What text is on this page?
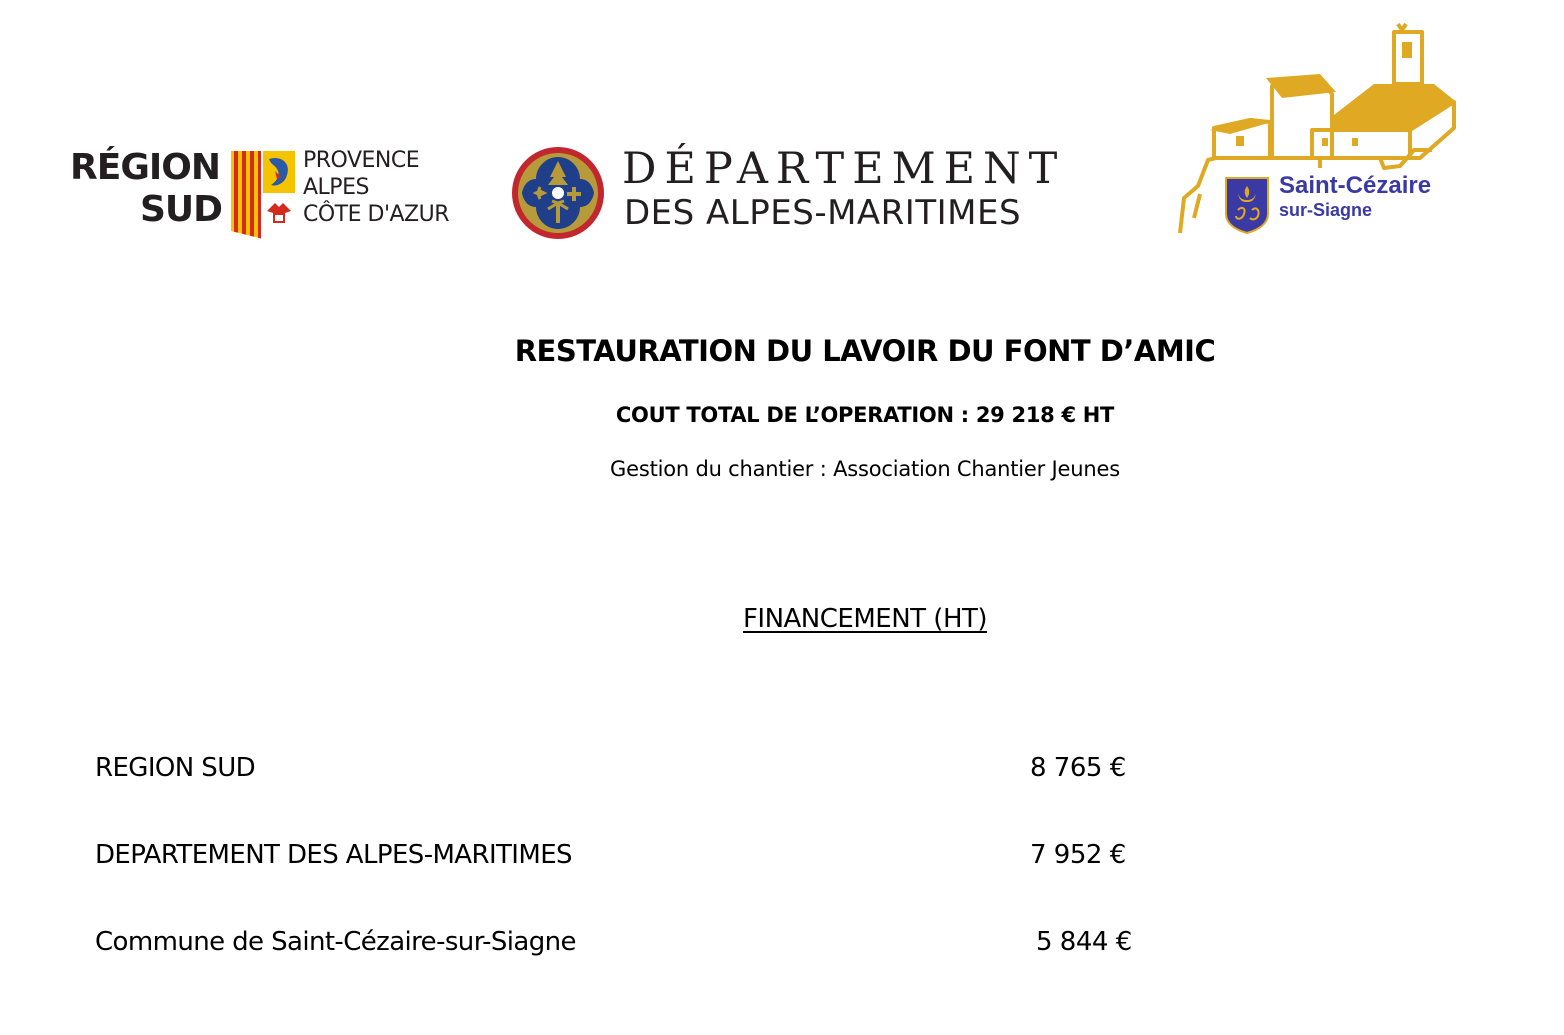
RÉGION
SUD
PROVENCE
ALPES
CÔTE D'AZUR
DÉPARTEMENT
DES ALPES-MARITIMES
Saint-Cézaire
sur-Siagne
RESTAURATION DU LAVOIR DU FONT D’AMIC
COUT TOTAL DE L’OPERATION : 29 218 € HT
Gestion du chantier : Association Chantier Jeunes
FINANCEMENT (HT)
REGION SUD	8 765 €
DEPARTEMENT DES ALPES-MARITIMES	7 952 €
Commune de Saint-Cézaire-sur-Siagne	5 844 €
